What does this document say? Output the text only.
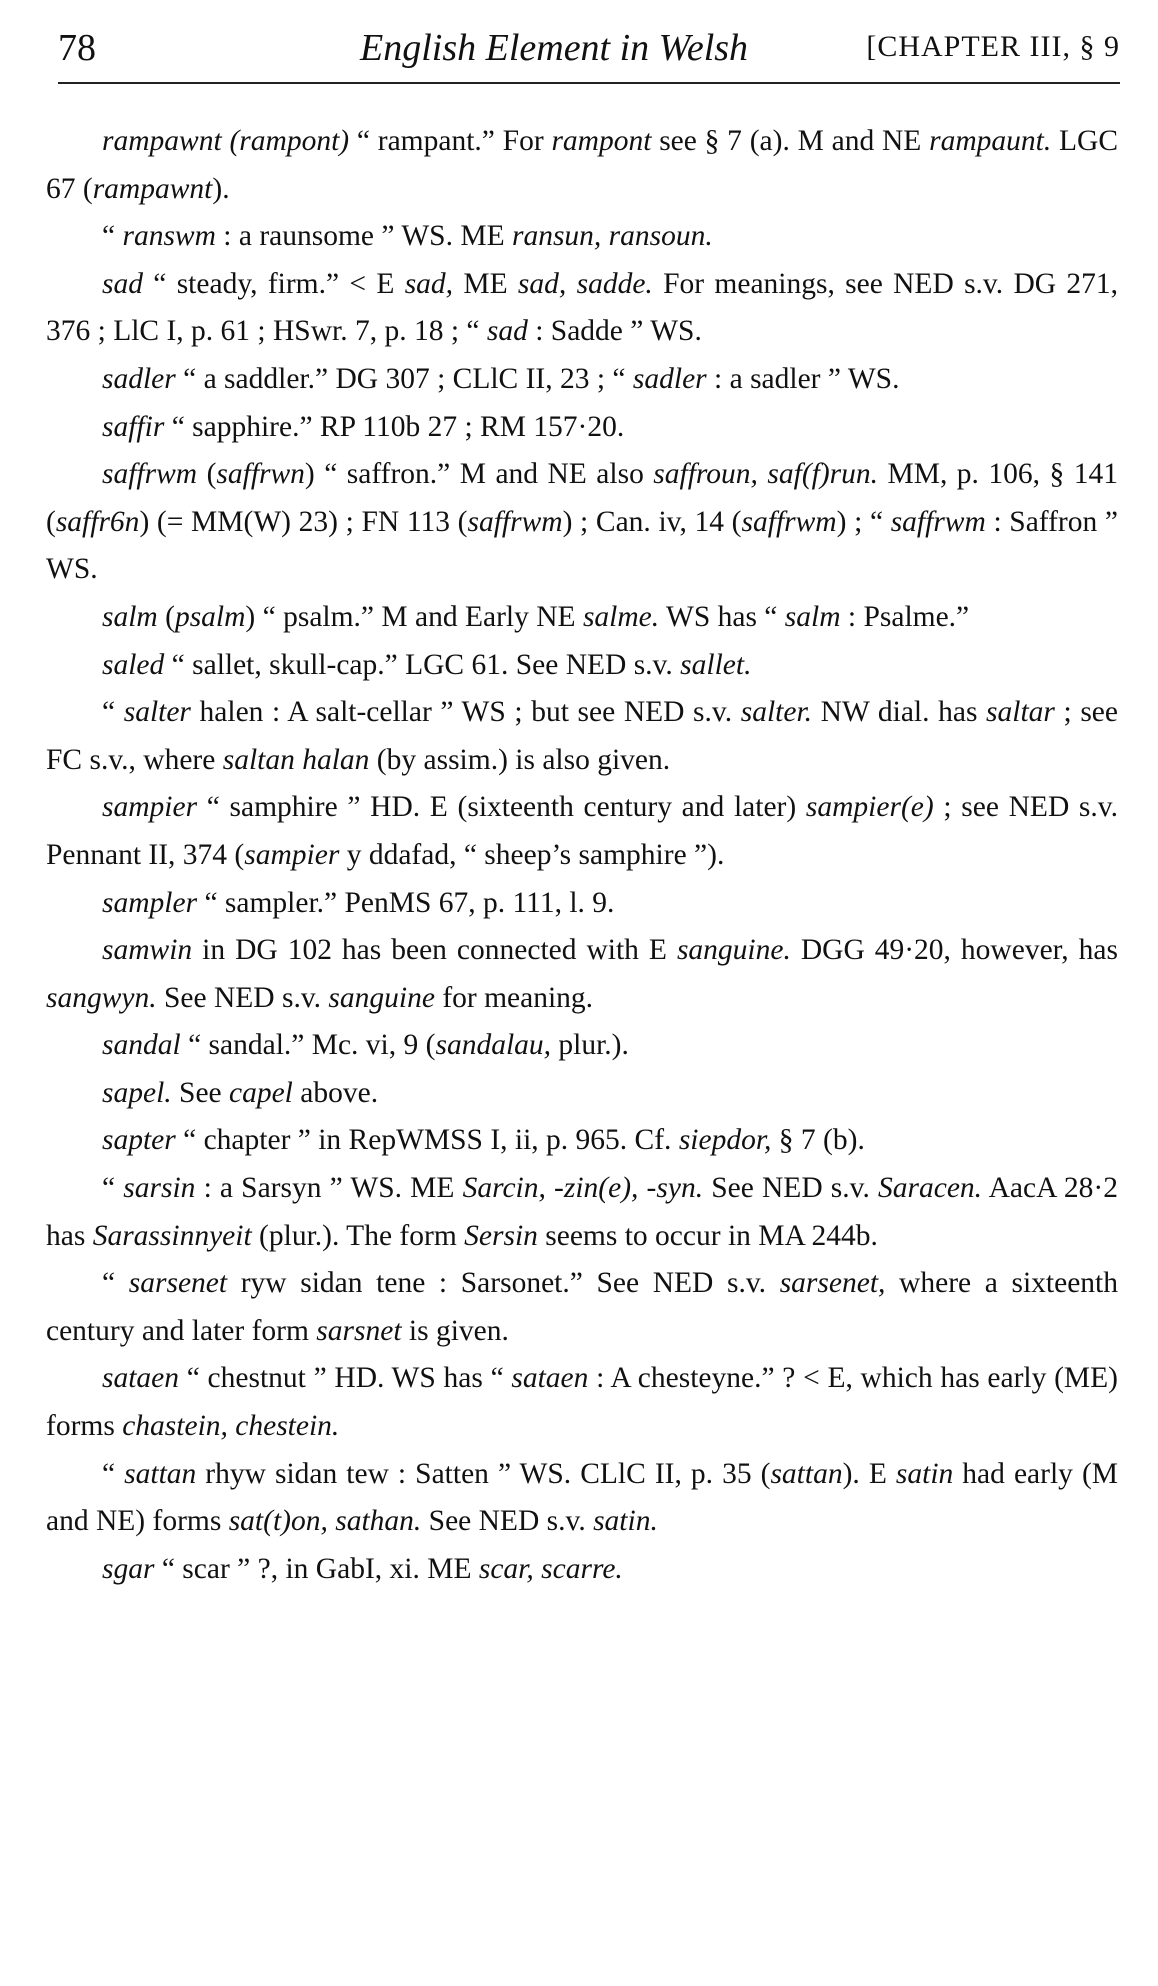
78	English Element in Welsh	[CHAPTER III, § 9

rampawnt (rampont) “ rampant.” For rampont see § 7 (a). M and NE rampaunt. LGC 67 (rampawnt).

“ ranswm : a raunsome ” WS. ME ransun, ransoun.

sad “ steady, firm.” < E sad, ME sad, sadde. For meanings, see NED s.v. DG 271, 376 ; LlC I, p. 61 ; HSwr. 7, p. 18 ; “ sad : Sadde ” WS.

sadler “ a saddler.” DG 307 ; CLlC II, 23 ; “ sadler : a sadler ” WS.

saffir “ sapphire.” RP 110b 27 ; RM 157·20.

saffrwm (saffrwn) “ saffron.” M and NE also saffroun, saf(f)run. MM, p. 106, § 141 (saffr6n) (= MM(W) 23) ; FN 113 (saffrwm) ; Can. iv, 14 (saffrwm) ; “ saffrwm : Saffron ” WS.

salm (psalm) “ psalm.” M and Early NE salme. WS has “ salm : Psalme.”

saled “ sallet, skull-cap.” LGC 61. See NED s.v. sallet.

“ salter halen : A salt-cellar ” WS ; but see NED s.v. salter. NW dial. has saltar ; see FC s.v., where saltan halan (by assim.) is also given.

sampier “ samphire ” HD. E (sixteenth century and later) sampier(e) ; see NED s.v. Pennant II, 374 (sampier y ddafad, “ sheep’s samphire ”).

sampler “ sampler.” PenMS 67, p. 111, l. 9.

samwin in DG 102 has been connected with E sanguine. DGG 49·20, however, has sangwyn. See NED s.v. sanguine for meaning.

sandal “ sandal.” Mc. vi, 9 (sandalau, plur.).

sapel. See capel above.

sapter “ chapter ” in RepWMSS I, ii, p. 965. Cf. siepdor, § 7 (b).

“ sarsin : a Sarsyn ” WS. ME Sarcin, -zin(e), -syn. See NED s.v. Saracen. AacA 28·2 has Sarassinnyeit (plur.). The form Sersin seems to occur in MA 244b.

“ sarsenet ryw sidan tene : Sarsonet.” See NED s.v. sarsenet, where a sixteenth century and later form sarsnet is given.

sataen “ chestnut ” HD. WS has “ sataen : A chesteyne.” ? < E, which has early (ME) forms chastein, chestein.

“ sattan rhyw sidan tew : Satten ” WS. CLlC II, p. 35 (sattan). E satin had early (M and NE) forms sat(t)on, sathan. See NED s.v. satin.

sgar “ scar ” ?, in GabI, xi. ME scar, scarre.
